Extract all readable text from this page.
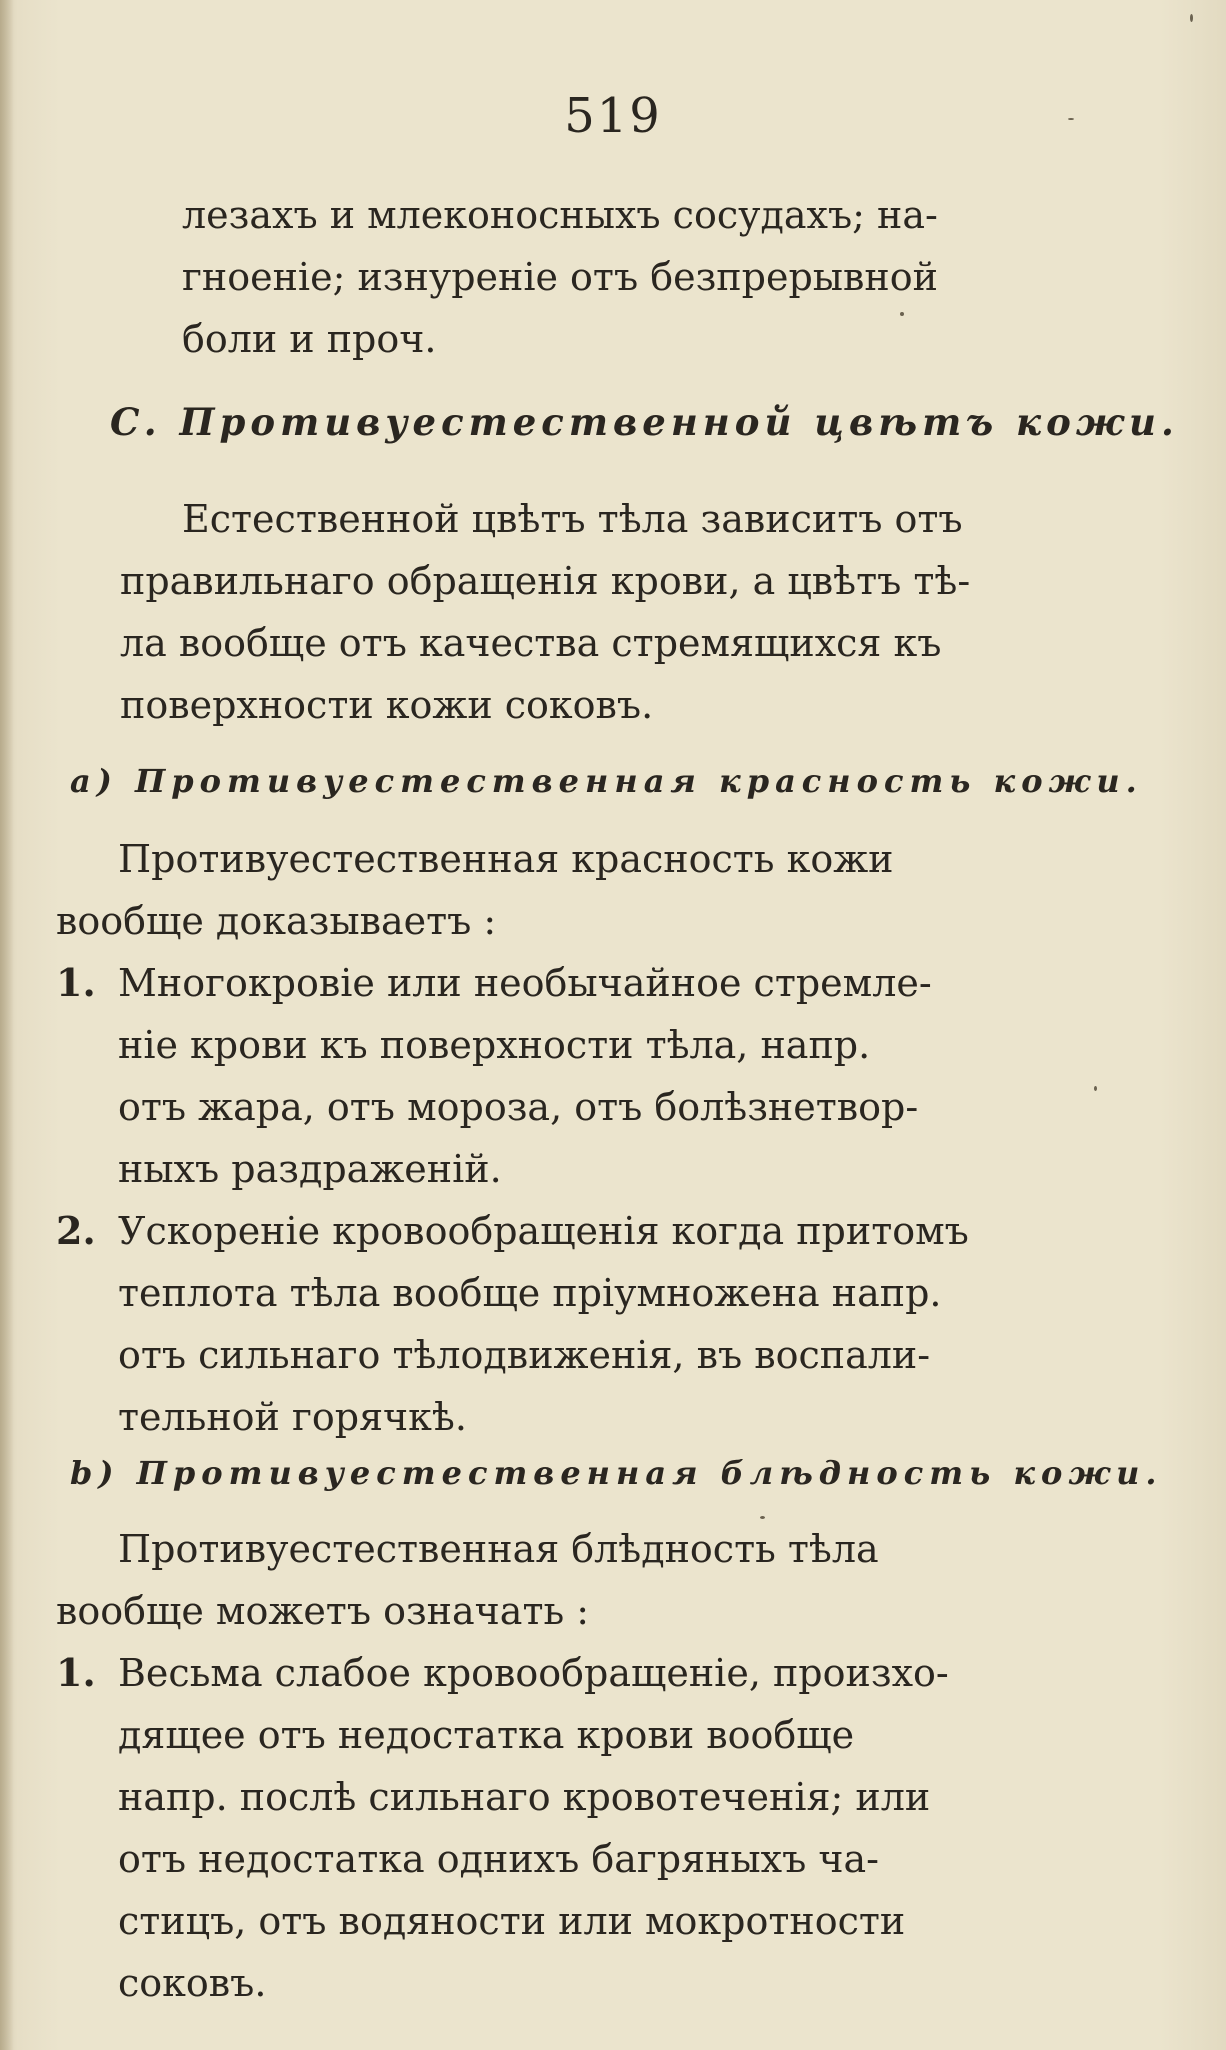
519
лезахъ и млеконосныхъ сосудахъ; на-
гноеніе; изнуреніе отъ безпрерывной
боли и проч.
C. Противуестественной цвѣтъ кожи.
Естественной цвѣтъ тѣла зависитъ отъ
правильнаго обращенія крови, а цвѣтъ тѣ-
ла вообще отъ качества стремящихся къ
поверхности кожи соковъ.
a) Противуестественная красность кожи.
Противуестественная красность кожи
вообще доказываетъ :
1. Многокровіе или необычайное стремле-
ніе крови къ поверхности тѣла, напр.
отъ жара, отъ мороза, отъ болѣзнетвор-
ныхъ раздраженій.
2. Ускореніе кровообращенія когда притомъ
теплота тѣла вообще пріумножена напр.
отъ сильнаго тѣлодвиженія, въ воспали-
тельной горячкѣ.
b) Противуестественная блѣдность кожи.
Противуестественная блѣдность тѣла
вообще можетъ означать :
1. Весьма слабое кровообращеніе, произхо-
дящее отъ недостатка крови вообще
напр. послѣ сильнаго кровотеченія; или
отъ недостатка однихъ багряныхъ ча-
стицъ, отъ водяности или мокротности
соковъ.
